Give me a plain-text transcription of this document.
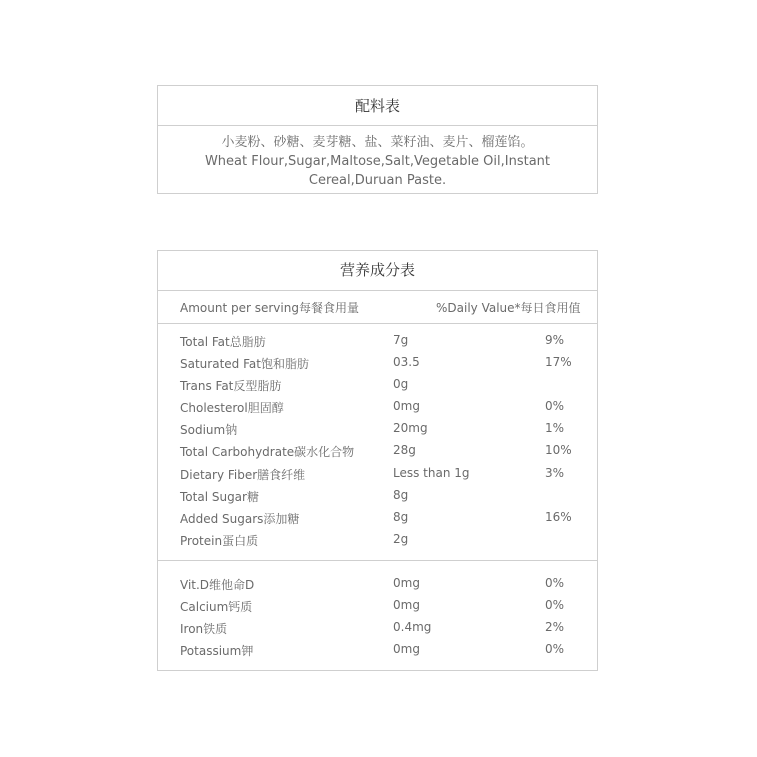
配料表
小麦粉、砂糖、麦芽糖、盐、菜籽油、麦片、榴莲馅。
Wheat Flour,Sugar,Maltose,Salt,Vegetable Oil,Instant Cereal,Duruan Paste.
营养成分表
Amount per serving每餐食用量	%Daily Value*每日食用值
Total Fat总脂肪	7g	9%
Saturated Fat饱和脂肪	03.5	17%
Trans Fat反型脂肪	0g
Cholesterol胆固醇	0mg	0%
Sodium钠	20mg	1%
Total Carbohydrate碳水化合物	28g	10%
Dietary Fiber膳食纤维	Less than 1g	3%
Total Sugar糖	8g
Added Sugars添加糖	8g	16%
Protein蛋白质	2g
Vit.D维他命D	0mg	0%
Calcium钙质	0mg	0%
Iron铁质	0.4mg	2%
Potassium钾	0mg	0%
